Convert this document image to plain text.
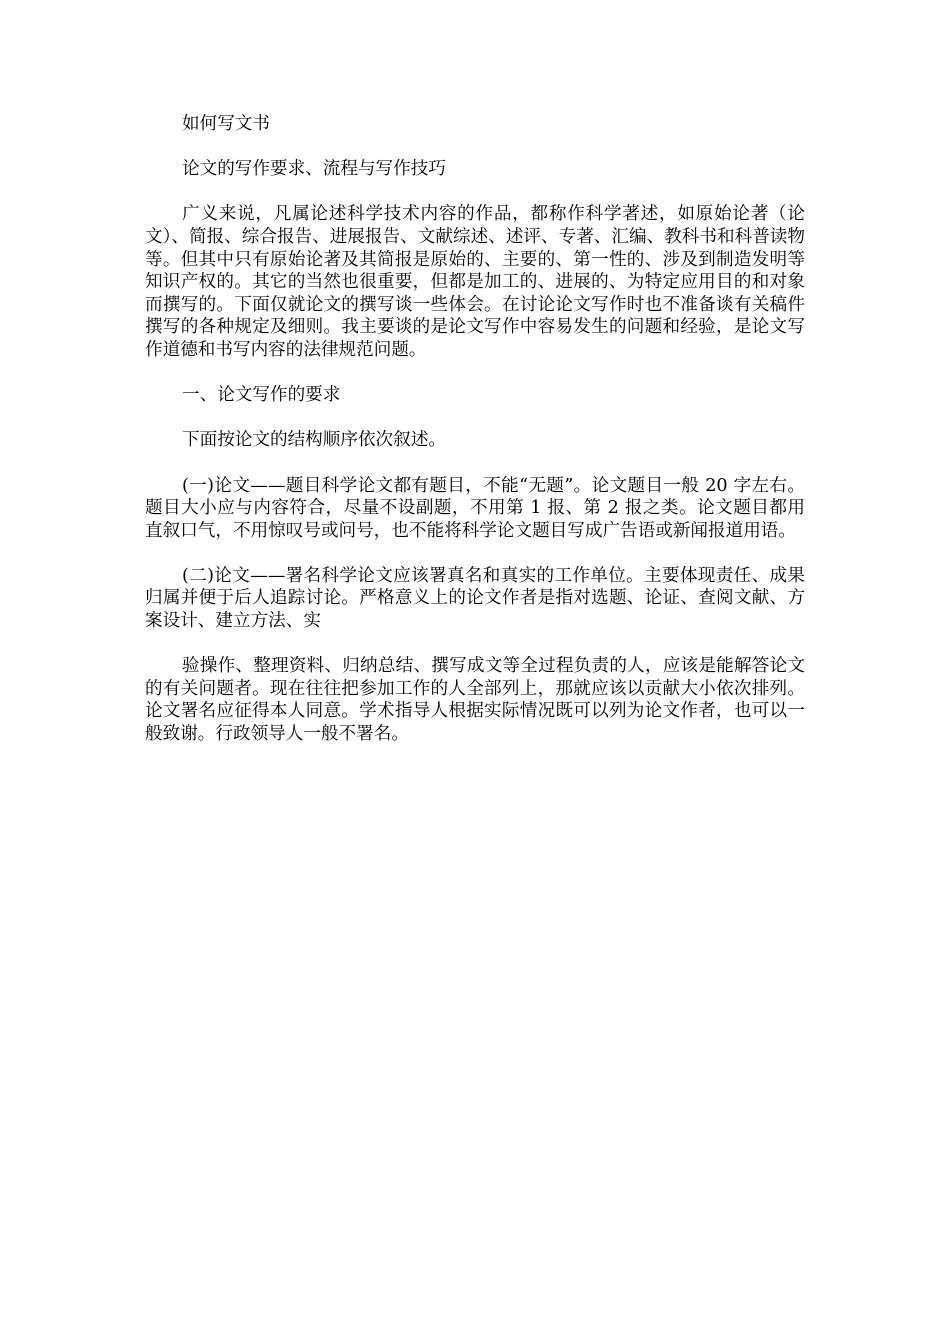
如何写文书

论文的写作要求、流程与写作技巧

广义来说，凡属论述科学技术内容的作品，都称作科学著述，如原始论著（论文）、简报、综合报告、进展报告、文献综述、述评、专著、汇编、教科书和科普读物等。但其中只有原始论著及其简报是原始的、主要的、第一性的、涉及到制造发明等知识产权的。其它的当然也很重要，但都是加工的、进展的、为特定应用目的和对象而撰写的。下面仅就论文的撰写谈一些体会。在讨论论文写作时也不准备谈有关稿件撰写的各种规定及细则。我主要谈的是论文写作中容易发生的问题和经验，是论文写作道德和书写内容的法律规范问题。

一、论文写作的要求

下面按论文的结构顺序依次叙述。

(一)论文——题目科学论文都有题目，不能“无题”。论文题目一般 20 字左右。题目大小应与内容符合，尽量不设副题，不用第 1 报、第 2 报之类。论文题目都用直叙口气，不用惊叹号或问号，也不能将科学论文题目写成广告语或新闻报道用语。

(二)论文——署名科学论文应该署真名和真实的工作单位。主要体现责任、成果归属并便于后人追踪讨论。严格意义上的论文作者是指对选题、论证、查阅文献、方案设计、建立方法、实

验操作、整理资料、归纳总结、撰写成文等全过程负责的人，应该是能解答论文的有关问题者。现在往往把参加工作的人全部列上，那就应该以贡献大小依次排列。论文署名应征得本人同意。学术指导人根据实际情况既可以列为论文作者，也可以一般致谢。行政领导人一般不署名。
